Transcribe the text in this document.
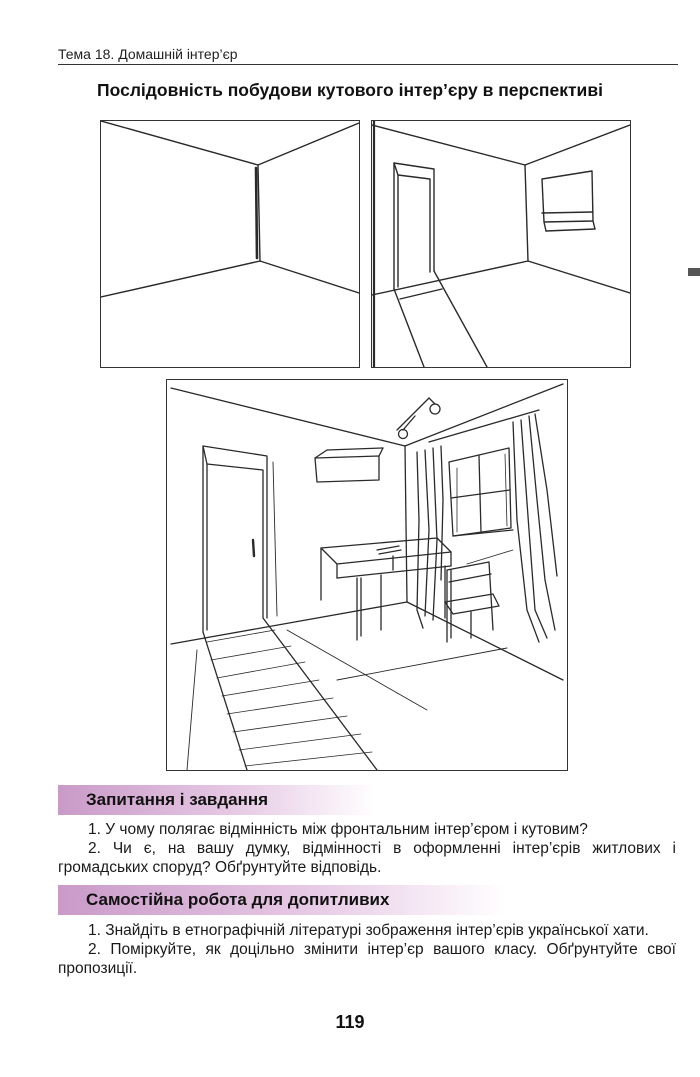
Тема 18. Домашній інтер’єр
Послідовність побудови кутового інтер’єру в перспективі
Запитання і завдання

1. У чому полягає відмінність між фронтальним інтер’єром і кутовим?

2. Чи є, на вашу думку, відмінності в оформленні інтер’єрів житлових і громадських споруд? Обґрунтуйте відповідь.

Самостійна робота для допитливих

1. Знайдіть в етнографічній літературі зображення інтер’єрів української хати.

2. Поміркуйте, як доцільно змінити інтер’єр вашого класу. Обґрунтуйте свої пропозиції.

119
